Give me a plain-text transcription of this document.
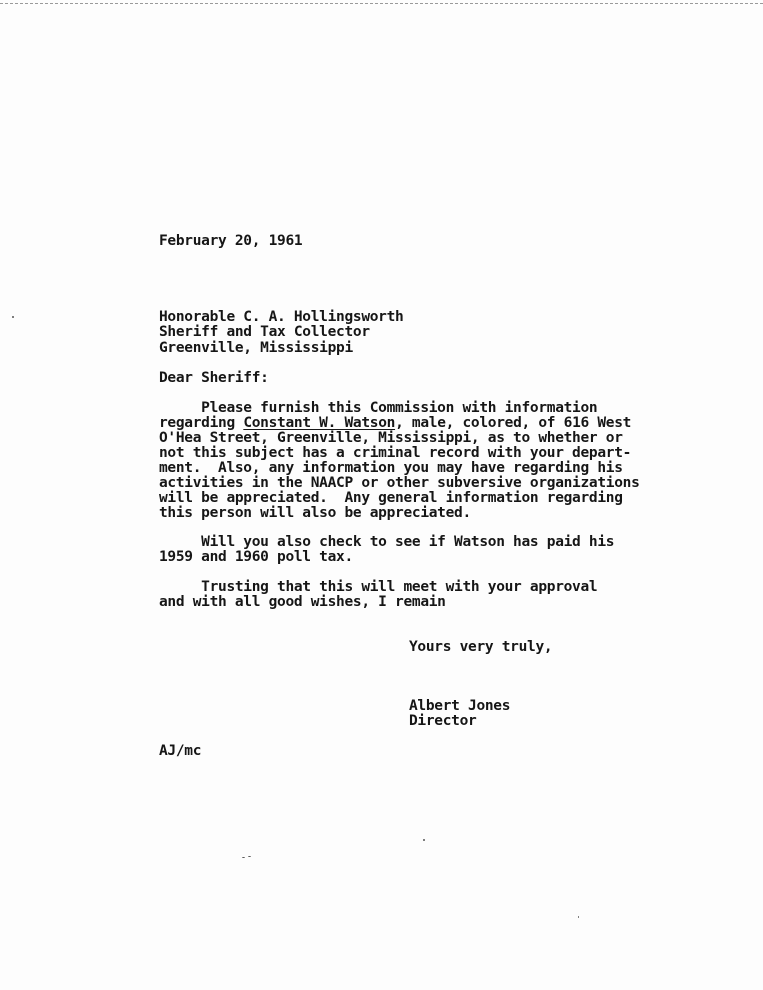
February 20, 1961
Honorable C. A. Hollingsworth
Sheriff and Tax Collector
Greenville, Mississippi
Dear Sheriff:
Please furnish this Commission with information
regarding Constant W. Watson, male, colored, of 616 West
O'Hea Street, Greenville, Mississippi, as to whether or
not this subject has a criminal record with your depart-
ment.  Also, any information you may have regarding his
activities in the NAACP or other subversive organizations
will be appreciated.  Any general information regarding
this person will also be appreciated.
Will you also check to see if Watson has paid his
1959 and 1960 poll tax.
Trusting that this will meet with your approval
and with all good wishes, I remain
Yours very truly,
Albert Jones
Director
AJ/mc
